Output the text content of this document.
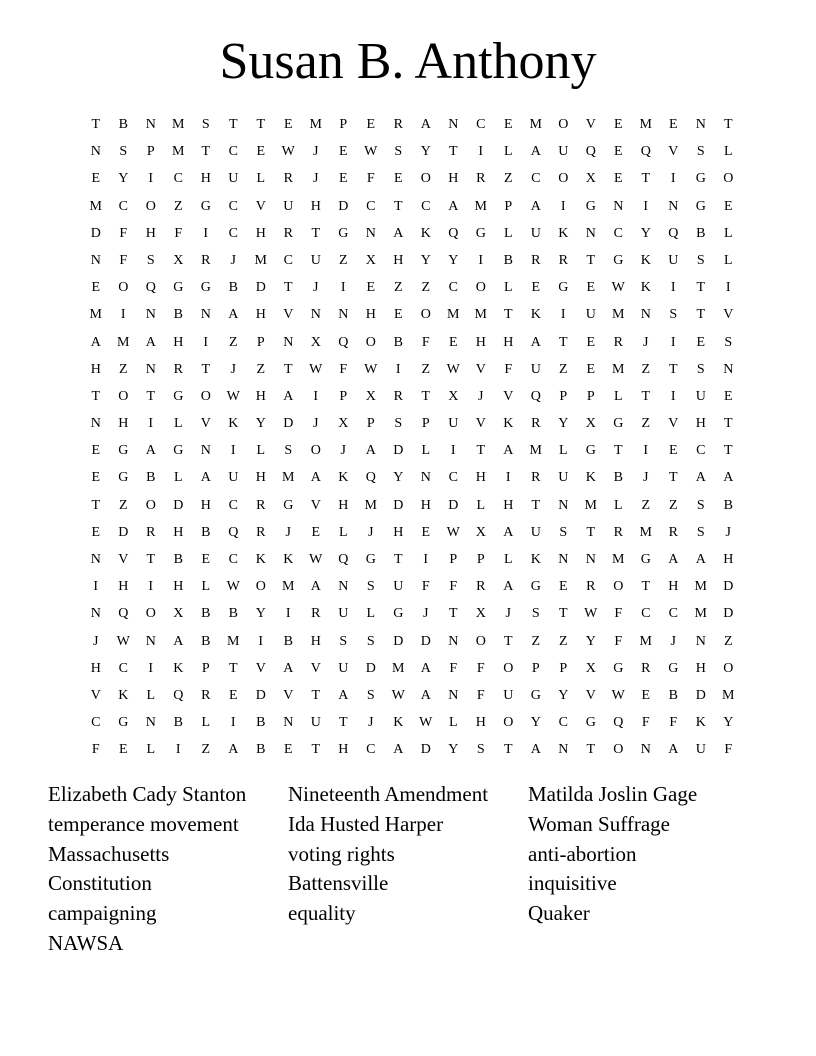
Susan B. Anthony
T	B	N	M	S	T	T	E	M	P	E	R	A	N	C	E	M	O	V	E	M	E	N	T
N	S	P	M	T	C	E	W	J	E	W	S	Y	T	I	L	A	U	Q	E	Q	V	S	L
E	Y	I	C	H	U	L	R	J	E	F	E	O	H	R	Z	C	O	X	E	T	I	G	O
M	C	O	Z	G	C	V	U	H	D	C	T	C	A	M	P	A	I	G	N	I	N	G	E
D	F	H	F	I	C	H	R	T	G	N	A	K	Q	G	L	U	K	N	C	Y	Q	B	L
N	F	S	X	R	J	M	C	U	Z	X	H	Y	Y	I	B	R	R	T	G	K	U	S	L
E	O	Q	G	G	B	D	T	J	I	E	Z	Z	C	O	L	E	G	E	W	K	I	T	I
M	I	N	B	N	A	H	V	N	N	H	E	O	M	M	T	K	I	U	M	N	S	T	V
A	M	A	H	I	Z	P	N	X	Q	O	B	F	E	H	H	A	T	E	R	J	I	E	S
H	Z	N	R	T	J	Z	T	W	F	W	I	Z	W	V	F	U	Z	E	M	Z	T	S	N
T	O	T	G	O	W	H	A	I	P	X	R	T	X	J	V	Q	P	P	L	T	I	U	E
N	H	I	L	V	K	Y	D	J	X	P	S	P	U	V	K	R	Y	X	G	Z	V	H	T
E	G	A	G	N	I	L	S	O	J	A	D	L	I	T	A	M	L	G	T	I	E	C	T
E	G	B	L	A	U	H	M	A	K	Q	Y	N	C	H	I	R	U	K	B	J	T	A	A
T	Z	O	D	H	C	R	G	V	H	M	D	H	D	L	H	T	N	M	L	Z	Z	S	B
E	D	R	H	B	Q	R	J	E	L	J	H	E	W	X	A	U	S	T	R	M	R	S	J
N	V	T	B	E	C	K	K	W	Q	G	T	I	P	P	L	K	N	N	M	G	A	A	H
I	H	I	H	L	W	O	M	A	N	S	U	F	F	R	A	G	E	R	O	T	H	M	D
N	Q	O	X	B	B	Y	I	R	U	L	G	J	T	X	J	S	T	W	F	C	C	M	D
J	W	N	A	B	M	I	B	H	S	S	D	D	N	O	T	Z	Z	Y	F	M	J	N	Z
H	C	I	K	P	T	V	A	V	U	D	M	A	F	F	O	P	P	X	G	R	G	H	O
V	K	L	Q	R	E	D	V	T	A	S	W	A	N	F	U	G	Y	V	W	E	B	D	M
C	G	N	B	L	I	B	N	U	T	J	K	W	L	H	O	Y	C	G	Q	F	F	K	Y
F	E	L	I	Z	A	B	E	T	H	C	A	D	Y	S	T	A	N	T	O	N	A	U	F
Elizabeth Cady Stanton
temperance movement
Massachusetts
Constitution
campaigning
NAWSA
Nineteenth Amendment
Ida Husted Harper
voting rights
Battensville
equality
Matilda Joslin Gage
Woman Suffrage
anti-abortion
inquisitive
Quaker
